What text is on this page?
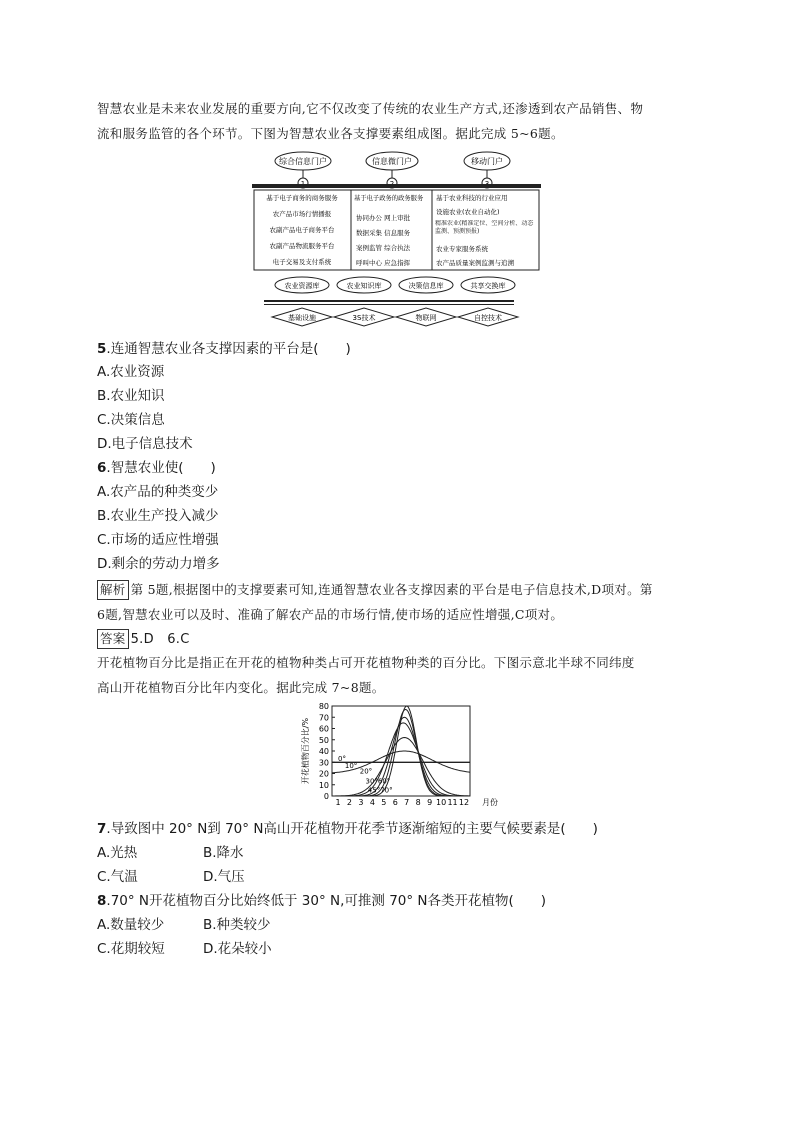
智慧农业是未来农业发展的重要方向,它不仅改变了传统的农业生产方式,还渗透到农产品销售、物
流和服务监管的各个环节。下图为智慧农业各支撑要素组成图。据此完成 5~6题。
综合信息门户	信息微门户	移动门户
基于电子商务的商务服务
农产品市场行情播报
农副产品电子商务平台
农副产品物流服务平台
电子交易及支付系统
基于电子政务的政务服务
协同办公 网上审批
数据采集 信息服务
案例监管 综合执法
呼叫中心 应急指挥
基于农业科技的行业应用
设施农业(农业自动化)
精准农业(精准定位、空间分析、动态监测、预测预报)
农业专家服务系统
农产品质量案例监测与追溯
农业资源库	农业知识库	决策信息库	共享交换库
基础设施	3S技术	物联网	自控技术
5.连通智慧农业各支撑因素的平台是(　　)
A.农业资源
B.农业知识
C.决策信息
D.电子信息技术
6.智慧农业使(　　)
A.农产品的种类变少
B.农业生产投入减少
C.市场的适应性增强
D.剩余的劳动力增多
解析 第 5题,根据图中的支撑要素可知,连通智慧农业各支撑因素的平台是电子信息技术,D项对。第
6题,智慧农业可以及时、准确了解农产品的市场行情,使市场的适应性增强,C项对。
答案 5.D　6.C
开花植物百分比是指正在开花的植物种类占可开花植物种类的百分比。下图示意北半球不同纬度
高山开花植物百分比年内变化。据此完成 7~8题。
0
10
20
30
40
50
60
70
80
1 2 3 4 5 6 7 8 9 10 11 12 月份
开花植物百分比/%	0°
10°
20°
30°60°
45°70°
7.导致图中 20° N到 70° N高山开花植物开花季节逐渐缩短的主要气候要素是(　　)
A.光热	B.降水
C.气温	D.气压
8.70° N开花植物百分比始终低于 30° N,可推测 70° N各类开花植物(　　)
A.数量较少	B.种类较少
C.花期较短	D.花朵较小
